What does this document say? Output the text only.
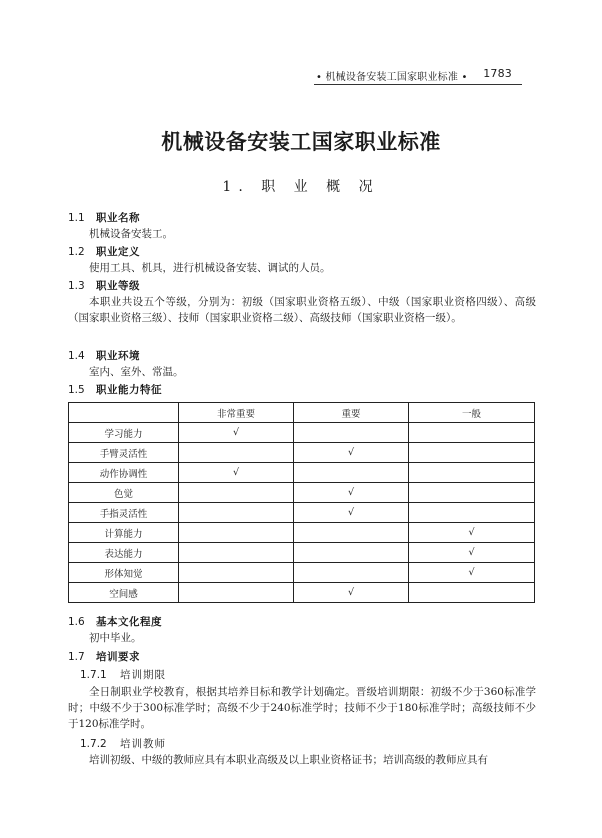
• 机械设备安装工国家职业标准 • 1783
机械设备安装工国家职业标准
1. 职 业 概 况
1.1 职业名称
机械设备安装工。
1.2 职业定义
使用工具、机具，进行机械设备安装、调试的人员。
1.3 职业等级
本职业共设五个等级，分别为：初级（国家职业资格五级）、中级（国家职业资格四级）、高级（国家职业资格三级）、技师（国家职业资格二级）、高级技师（国家职业资格一级）。
1.4 职业环境
室内、室外、常温。
1.5 职业能力特征
	非常重要	重要	一般
学习能力	√		
手臂灵活性		√	
动作协调性	√		
色觉		√	
手指灵活性		√	
计算能力			√
表达能力			√
形体知觉			√
空间感		√	
1.6 基本文化程度
初中毕业。
1.7 培训要求
1.7.1 培训期限
全日制职业学校教育，根据其培养目标和教学计划确定。晋级培训期限：初级不少于360标准学时；中级不少于300标准学时；高级不少于240标准学时；技师不少于180标准学时；高级技师不少于120标准学时。
1.7.2 培训教师
培训初级、中级的教师应具有本职业高级及以上职业资格证书；培训高级的教师应具有
